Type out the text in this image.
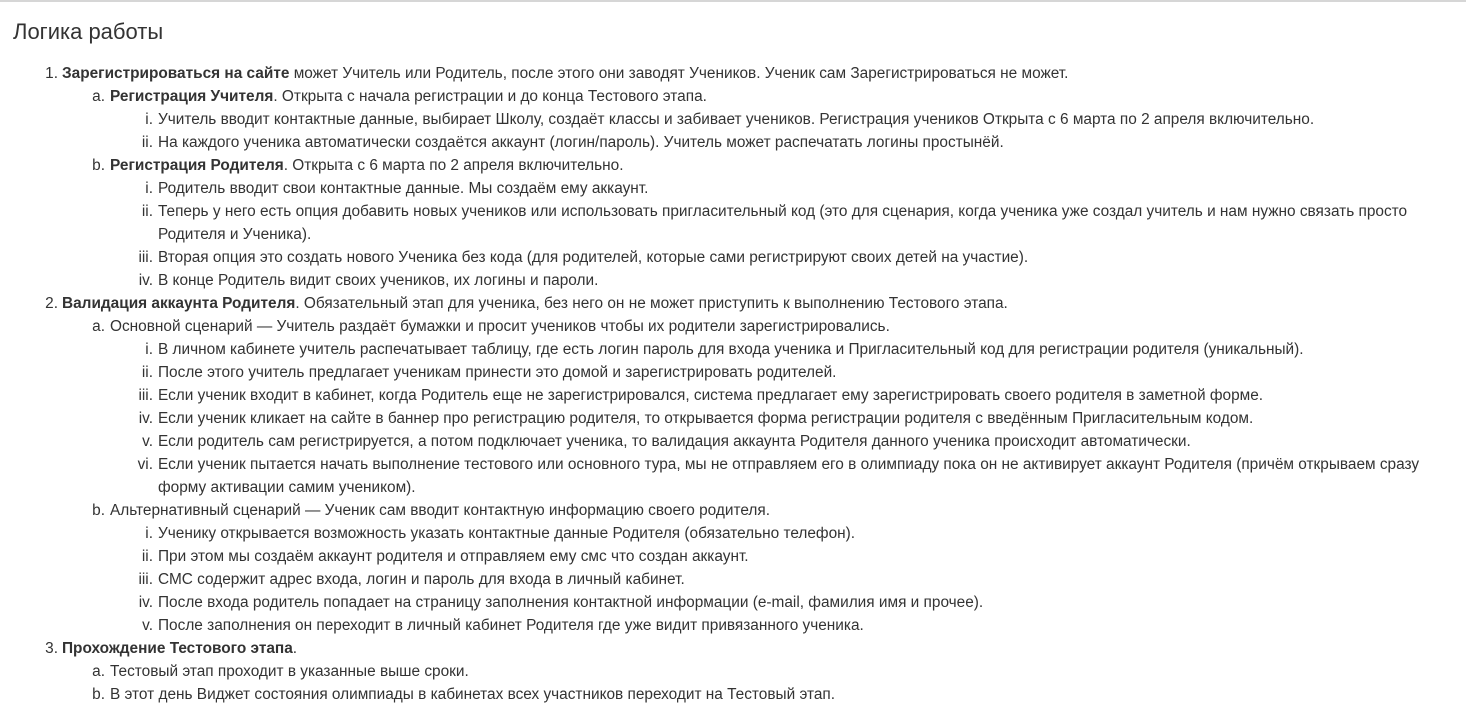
Логика работы
1. Зарегистрироваться на сайте может Учитель или Родитель, после этого они заводят Учеников. Ученик сам Зарегистрироваться не может.
a. Регистрация Учителя. Открыта с начала регистрации и до конца Тестового этапа.
i. Учитель вводит контактные данные, выбирает Школу, создаёт классы и забивает учеников. Регистрация учеников Открыта с 6 марта по 2 апреля включительно.
ii. На каждого ученика автоматически создаётся аккаунт (логин/пароль). Учитель может распечатать логины простынёй.
b. Регистрация Родителя. Открыта с 6 марта по 2 апреля включительно.
i. Родитель вводит свои контактные данные. Мы создаём ему аккаунт.
ii. Теперь у него есть опция добавить новых учеников или использовать пригласительный код (это для сценария, когда ученика уже создал учитель и нам нужно связать просто Родителя и Ученика).
iii. Вторая опция это создать нового Ученика без кода (для родителей, которые сами регистрируют своих детей на участие).
iv. В конце Родитель видит своих учеников, их логины и пароли.
2. Валидация аккаунта Родителя. Обязательный этап для ученика, без него он не может приступить к выполнению Тестового этапа.
a. Основной сценарий — Учитель раздаёт бумажки и просит учеников чтобы их родители зарегистрировались.
i. В личном кабинете учитель распечатывает таблицу, где есть логин пароль для входа ученика и Пригласительный код для регистрации родителя (уникальный).
ii. После этого учитель предлагает ученикам принести это домой и зарегистрировать родителей.
iii. Если ученик входит в кабинет, когда Родитель еще не зарегистрировался, система предлагает ему зарегистрировать своего родителя в заметной форме.
iv. Если ученик кликает на сайте в баннер про регистрацию родителя, то открывается форма регистрации родителя с введённым Пригласительным кодом.
v. Если родитель сам регистрируется, а потом подключает ученика, то валидация аккаунта Родителя данного ученика происходит автоматически.
vi. Если ученик пытается начать выполнение тестового или основного тура, мы не отправляем его в олимпиаду пока он не активирует аккаунт Родителя (причём открываем сразу форму активации самим учеником).
b. Альтернативный сценарий — Ученик сам вводит контактную информацию своего родителя.
i. Ученику открывается возможность указать контактные данные Родителя (обязательно телефон).
ii. При этом мы создаём аккаунт родителя и отправляем ему смс что создан аккаунт.
iii. СМС содержит адрес входа, логин и пароль для входа в личный кабинет.
iv. После входа родитель попадает на страницу заполнения контактной информации (e-mail, фамилия имя и прочее).
v. После заполнения он переходит в личный кабинет Родителя где уже видит привязанного ученика.
3. Прохождение Тестового этапа.
a. Тестовый этап проходит в указанные выше сроки.
b. В этот день Виджет состояния олимпиады в кабинетах всех участников переходит на Тестовый этап.
